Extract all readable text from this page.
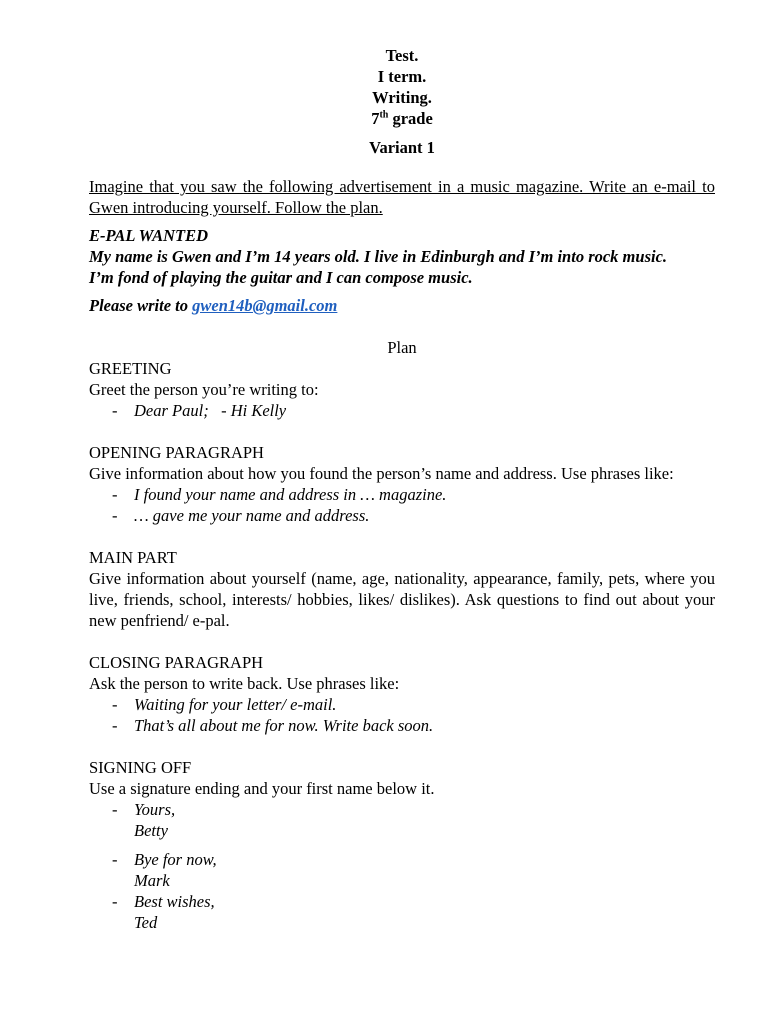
Test.
I term.
Writing.
7th grade
Variant 1
Imagine that you saw the following advertisement in a music magazine. Write an e-mail to Gwen introducing yourself. Follow the plan.
E-PAL WANTED
My name is Gwen and I’m 14 years old. I live in Edinburgh and I’m into rock music.
I’m fond of playing the guitar and I can compose music.
Please write to gwen14b@gmail.com
Plan
GREETING
Greet the person you’re writing to:
- Dear Paul;   - Hi Kelly
OPENING PARAGRAPH
Give information about how you found the person’s name and address. Use phrases like:
- I found your name and address in … magazine.
- … gave me your name and address.
MAIN PART
Give information about yourself (name, age, nationality, appearance, family, pets, where you live, friends, school, interests/ hobbies, likes/ dislikes). Ask questions to find out about your new penfriend/ e-pal.
CLOSING PARAGRAPH
Ask the person to write back. Use phrases like:
- Waiting for your letter/ e-mail.
- That’s all about me for now. Write back soon.
SIGNING OFF
Use a signature ending and your first name below it.
- Yours,
Betty
- Bye for now,
Mark
- Best wishes,
Ted
